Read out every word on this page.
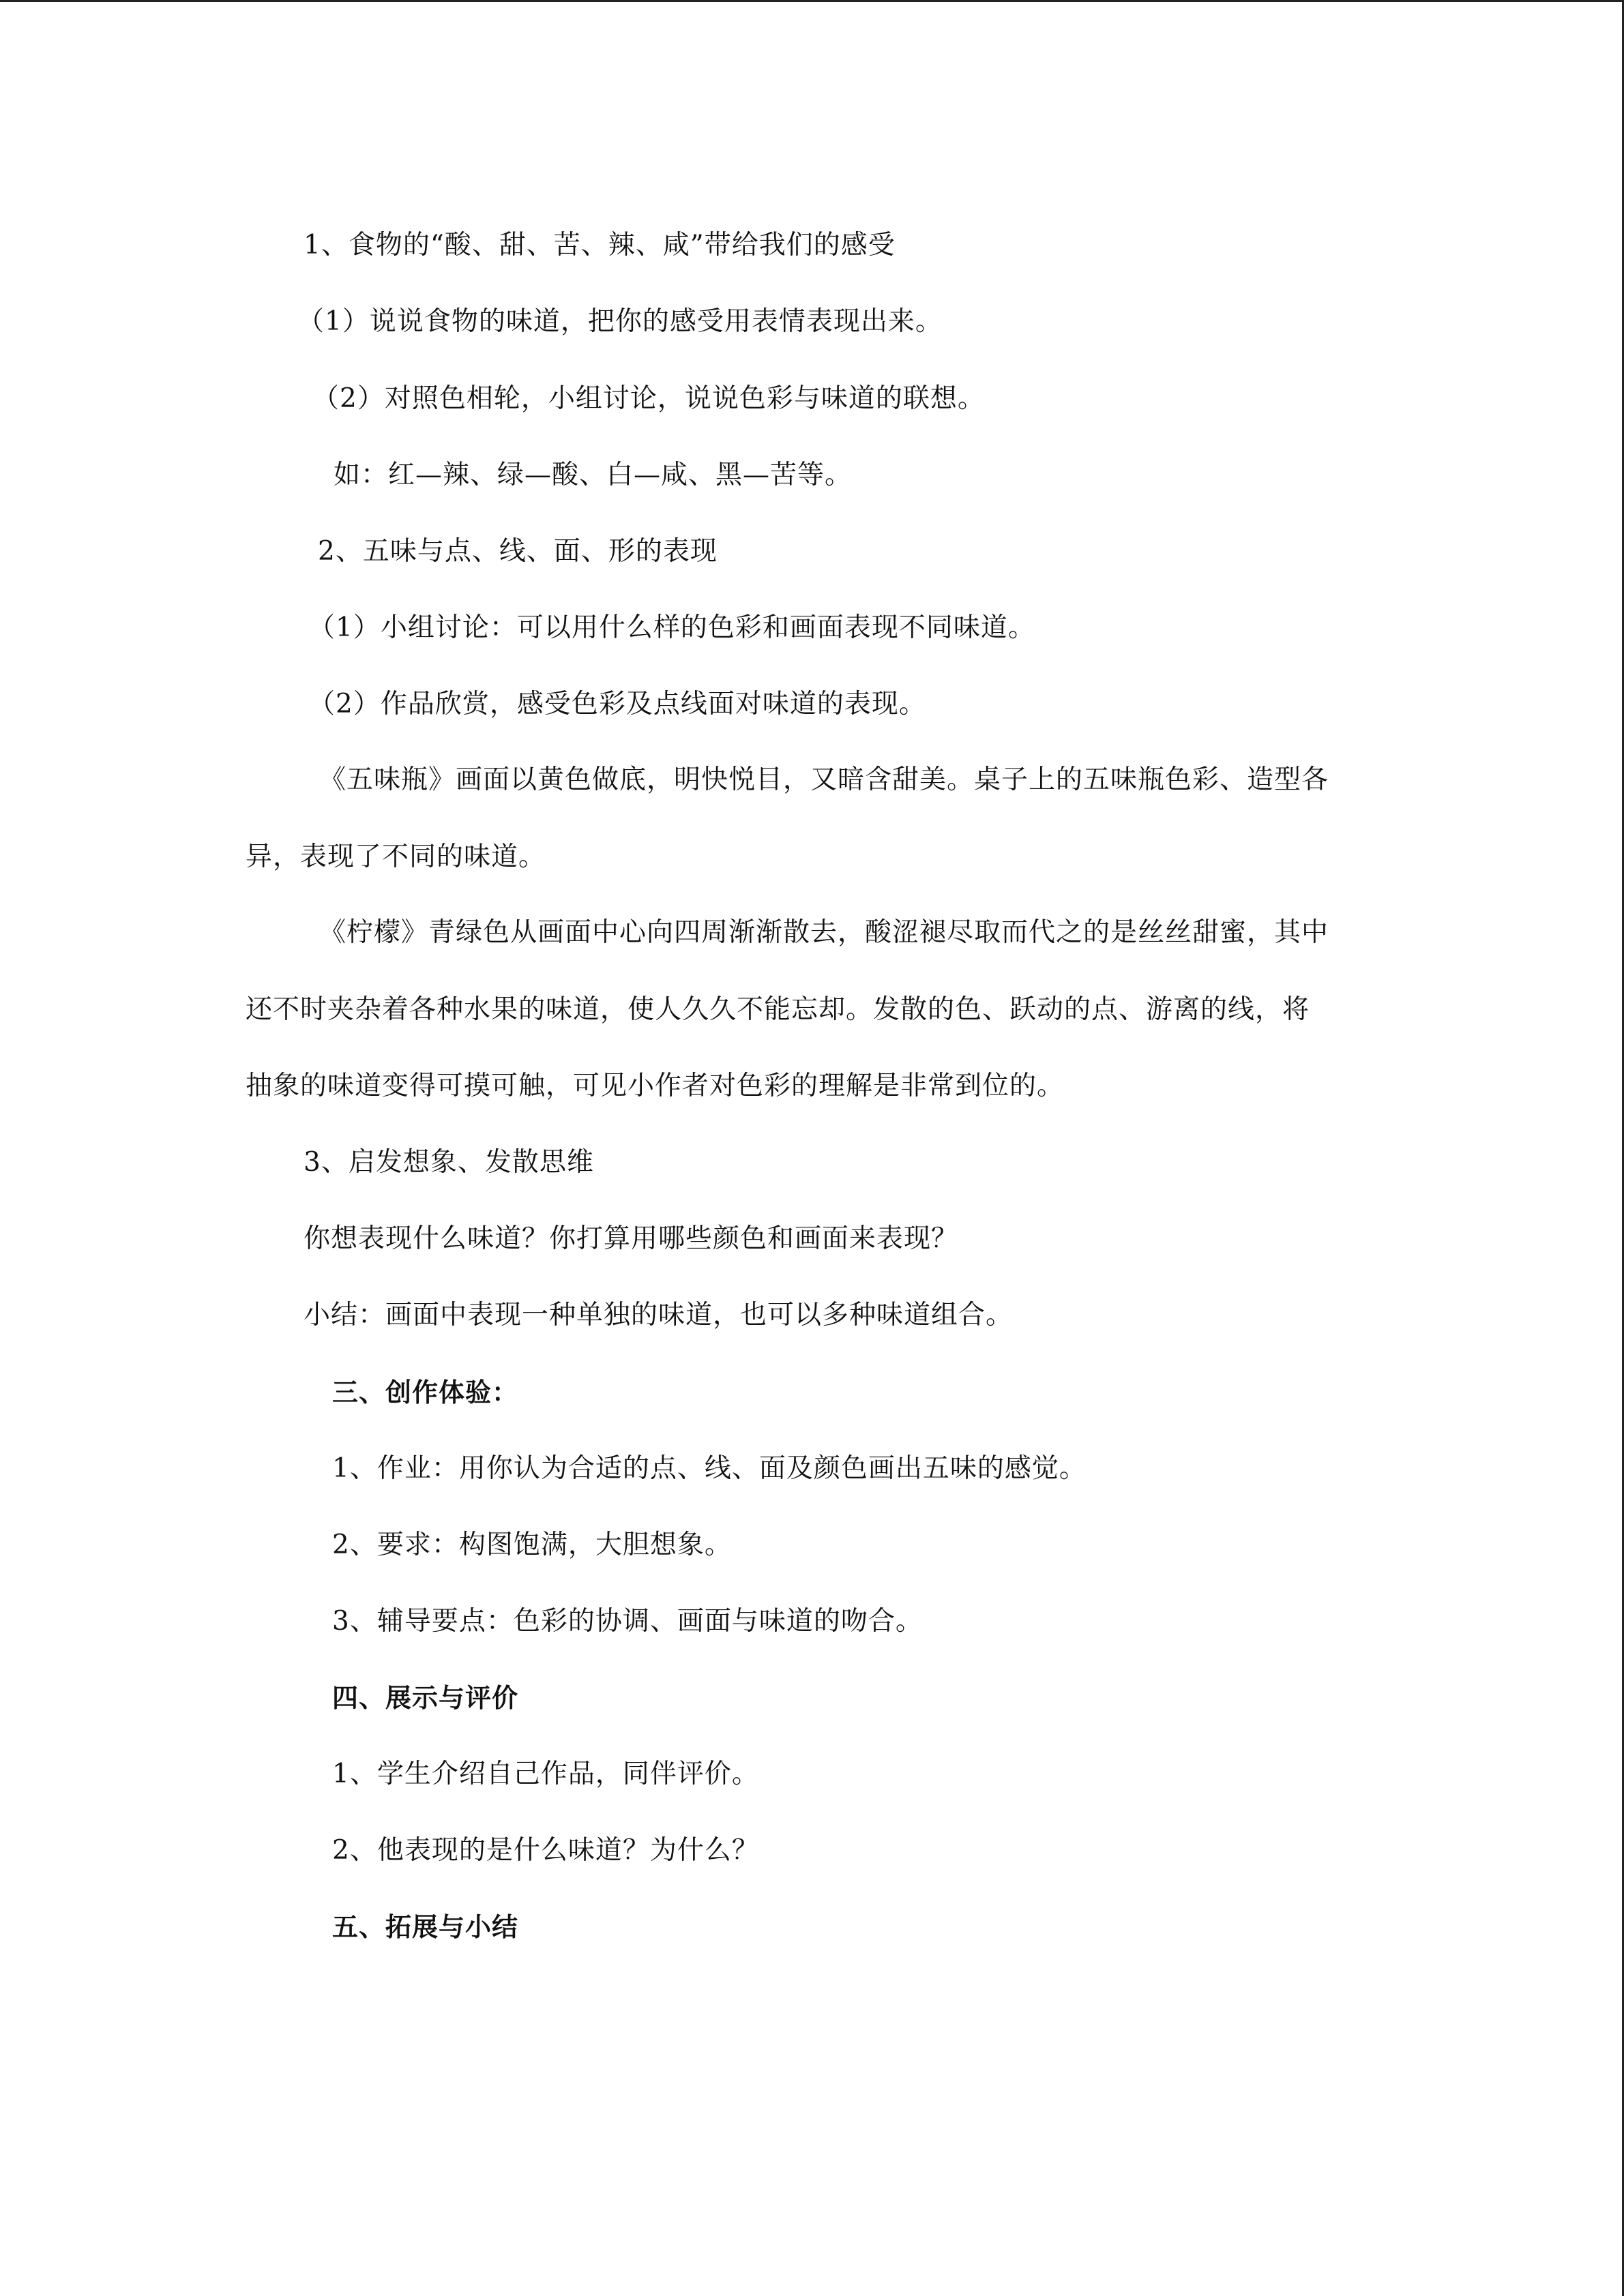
1、食物的“酸、甜、苦、辣、咸”带给我们的感受
（1）说说食物的味道，把你的感受用表情表现出来。
（2）对照色相轮，小组讨论，说说色彩与味道的联想。
如：红—辣、绿—酸、白—咸、黑—苦等。
2、五味与点、线、面、形的表现
（1）小组讨论：可以用什么样的色彩和画面表现不同味道。
（2）作品欣赏，感受色彩及点线面对味道的表现。
《五味瓶》画面以黄色做底，明快悦目，又暗含甜美。桌子上的五味瓶色彩、造型各
异，表现了不同的味道。
《柠檬》青绿色从画面中心向四周渐渐散去，酸涩褪尽取而代之的是丝丝甜蜜，其中
还不时夹杂着各种水果的味道，使人久久不能忘却。发散的色、跃动的点、游离的线，将
抽象的味道变得可摸可触，可见小作者对色彩的理解是非常到位的。
3、启发想象、发散思维
你想表现什么味道？你打算用哪些颜色和画面来表现？
小结：画面中表现一种单独的味道，也可以多种味道组合。
三、创作体验：
1、作业：用你认为合适的点、线、面及颜色画出五味的感觉。
2、要求：构图饱满，大胆想象。
3、辅导要点：色彩的协调、画面与味道的吻合。
四、展示与评价
1、学生介绍自己作品，同伴评价。
2、他表现的是什么味道？为什么？
五、拓展与小结
